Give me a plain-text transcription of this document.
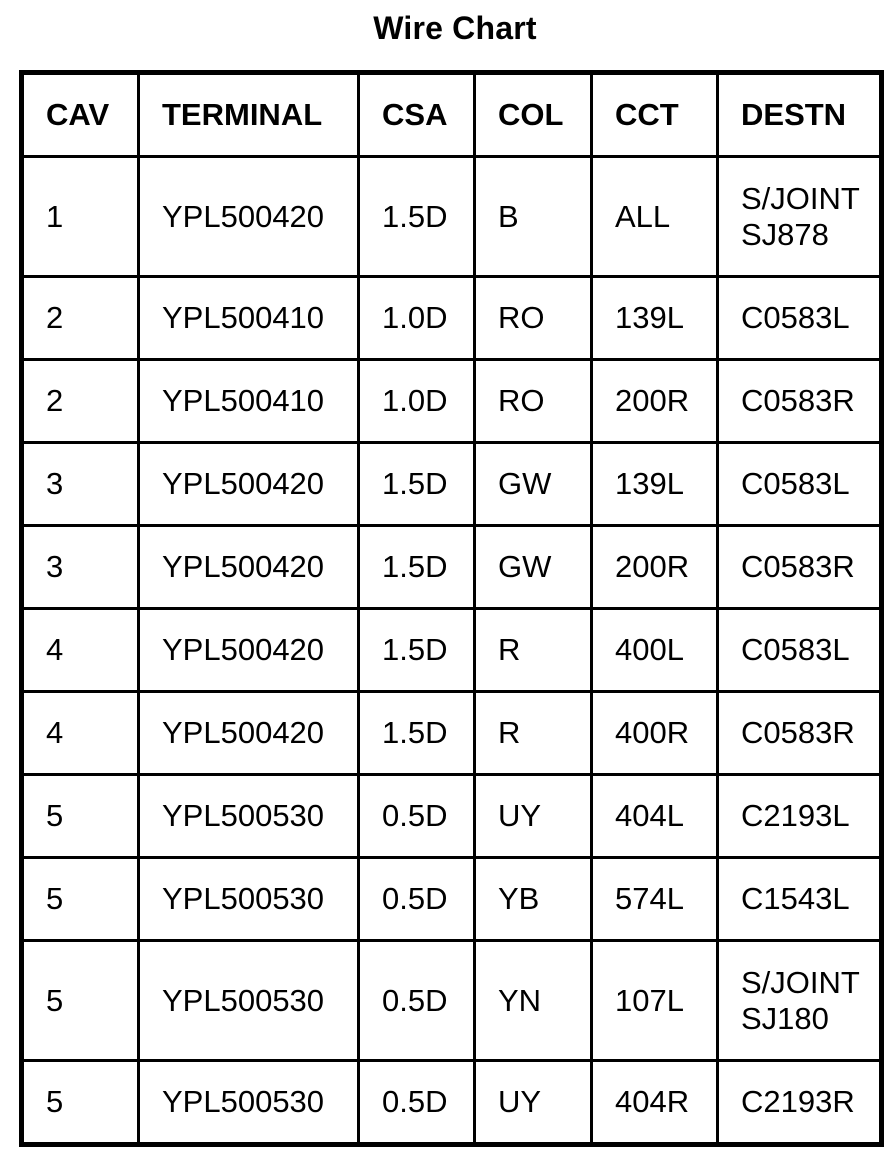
Wire Chart
CAV	TERMINAL	CSA	COL	CCT	DESTN
1	YPL500420	1.5D	B	ALL	S/JOINT SJ878
2	YPL500410	1.0D	RO	139L	C0583L
2	YPL500410	1.0D	RO	200R	C0583R
3	YPL500420	1.5D	GW	139L	C0583L
3	YPL500420	1.5D	GW	200R	C0583R
4	YPL500420	1.5D	R	400L	C0583L
4	YPL500420	1.5D	R	400R	C0583R
5	YPL500530	0.5D	UY	404L	C2193L
5	YPL500530	0.5D	YB	574L	C1543L
5	YPL500530	0.5D	YN	107L	S/JOINT SJ180
5	YPL500530	0.5D	UY	404R	C2193R
